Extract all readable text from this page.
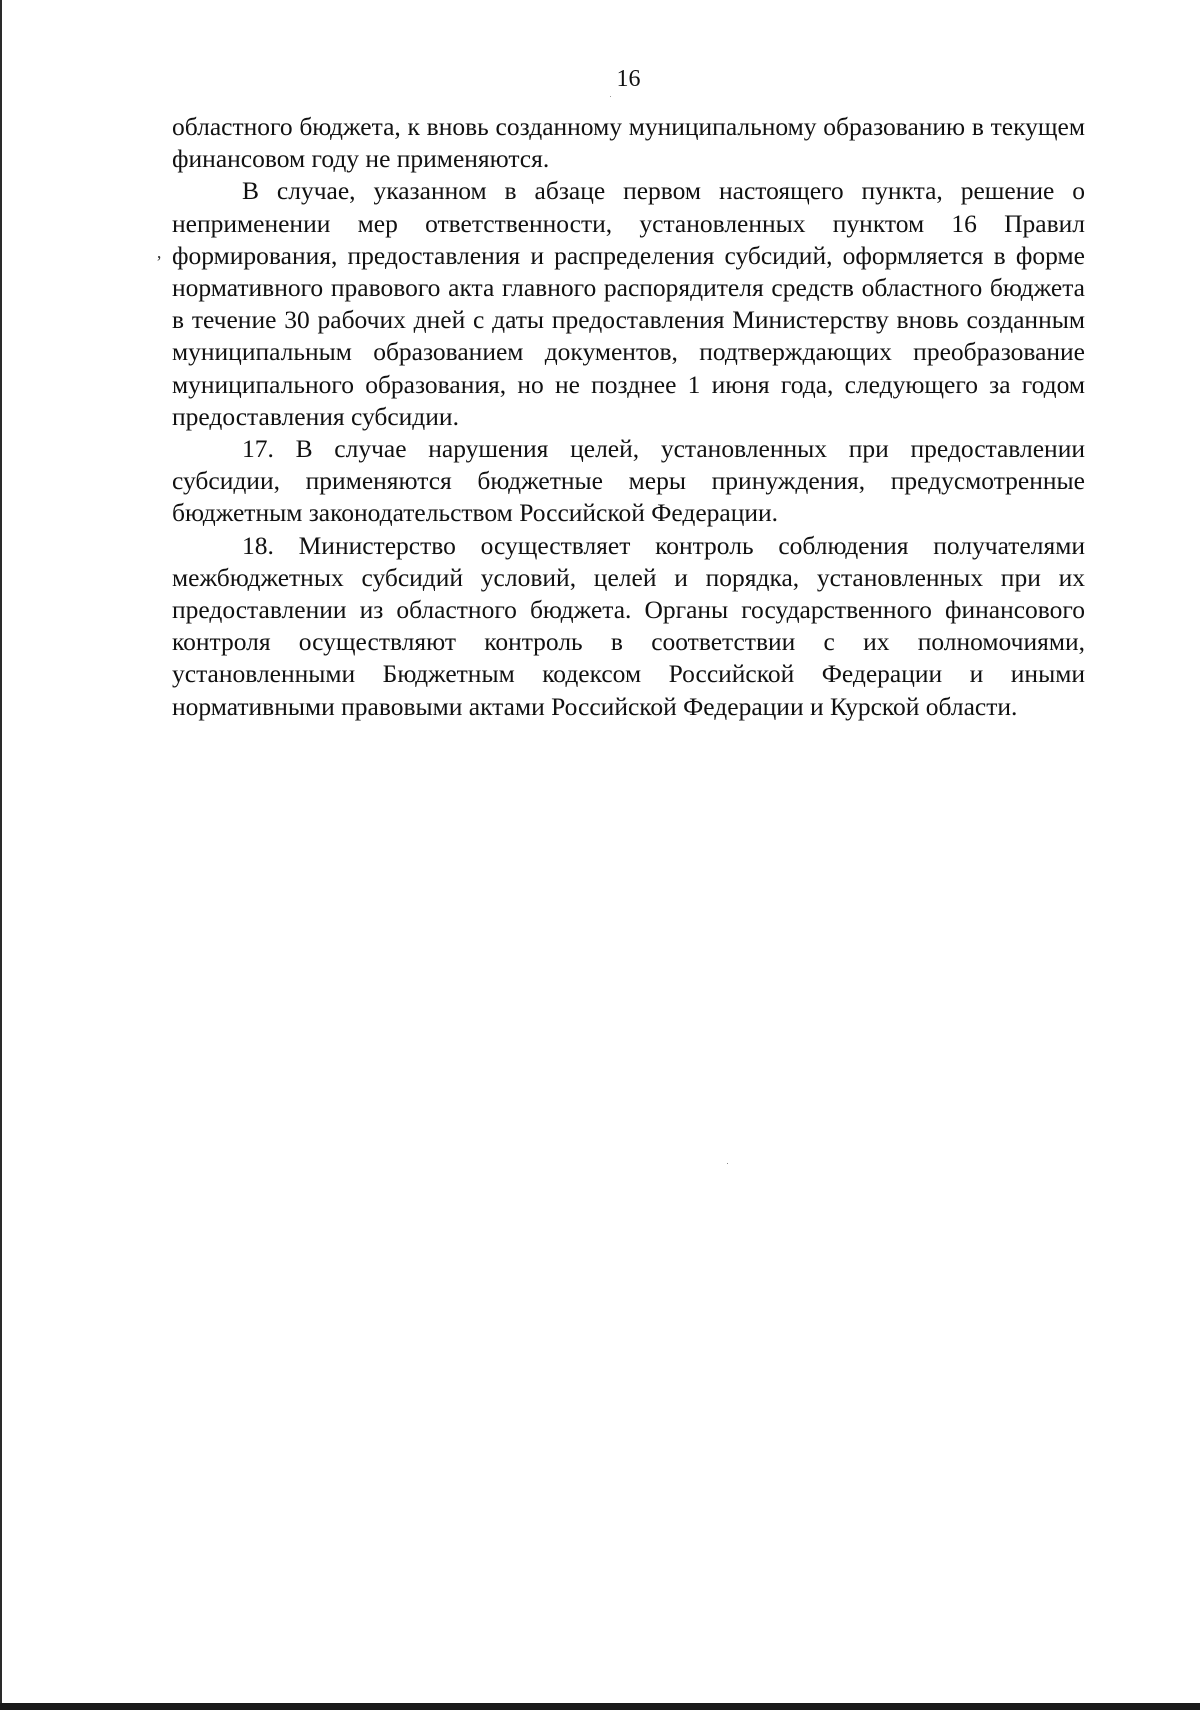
16
’

областного бюджета, к вновь созданному муниципальному образованию в текущем финансовом году не применяются.

В случае, указанном в абзаце первом настоящего пункта, решение о неприменении мер ответственности, установленных пунктом 16 Правил формирования, предоставления и распределения субсидий, оформляется в форме нормативного правового акта главного распорядителя средств областного бюджета в течение 30 рабочих дней с даты предоставления Министерству вновь созданным муниципальным образованием документов, подтверждающих преобразование муниципального образования, но не позднее 1 июня года, следующего за годом предоставления субсидии.

17. В случае нарушения целей, установленных при предоставлении субсидии, применяются бюджетные меры принуждения, предусмотренные бюджетным законодательством Российской Федерации.

18. Министерство осуществляет контроль соблюдения получателями межбюджетных субсидий условий, целей и порядка, установленных при их предоставлении из областного бюджета. Органы государственного финансового контроля осуществляют контроль в соответствии с их полномочиями, установленными Бюджетным кодексом Российской Федерации и иными нормативными правовыми актами Российской Федерации и Курской области.
